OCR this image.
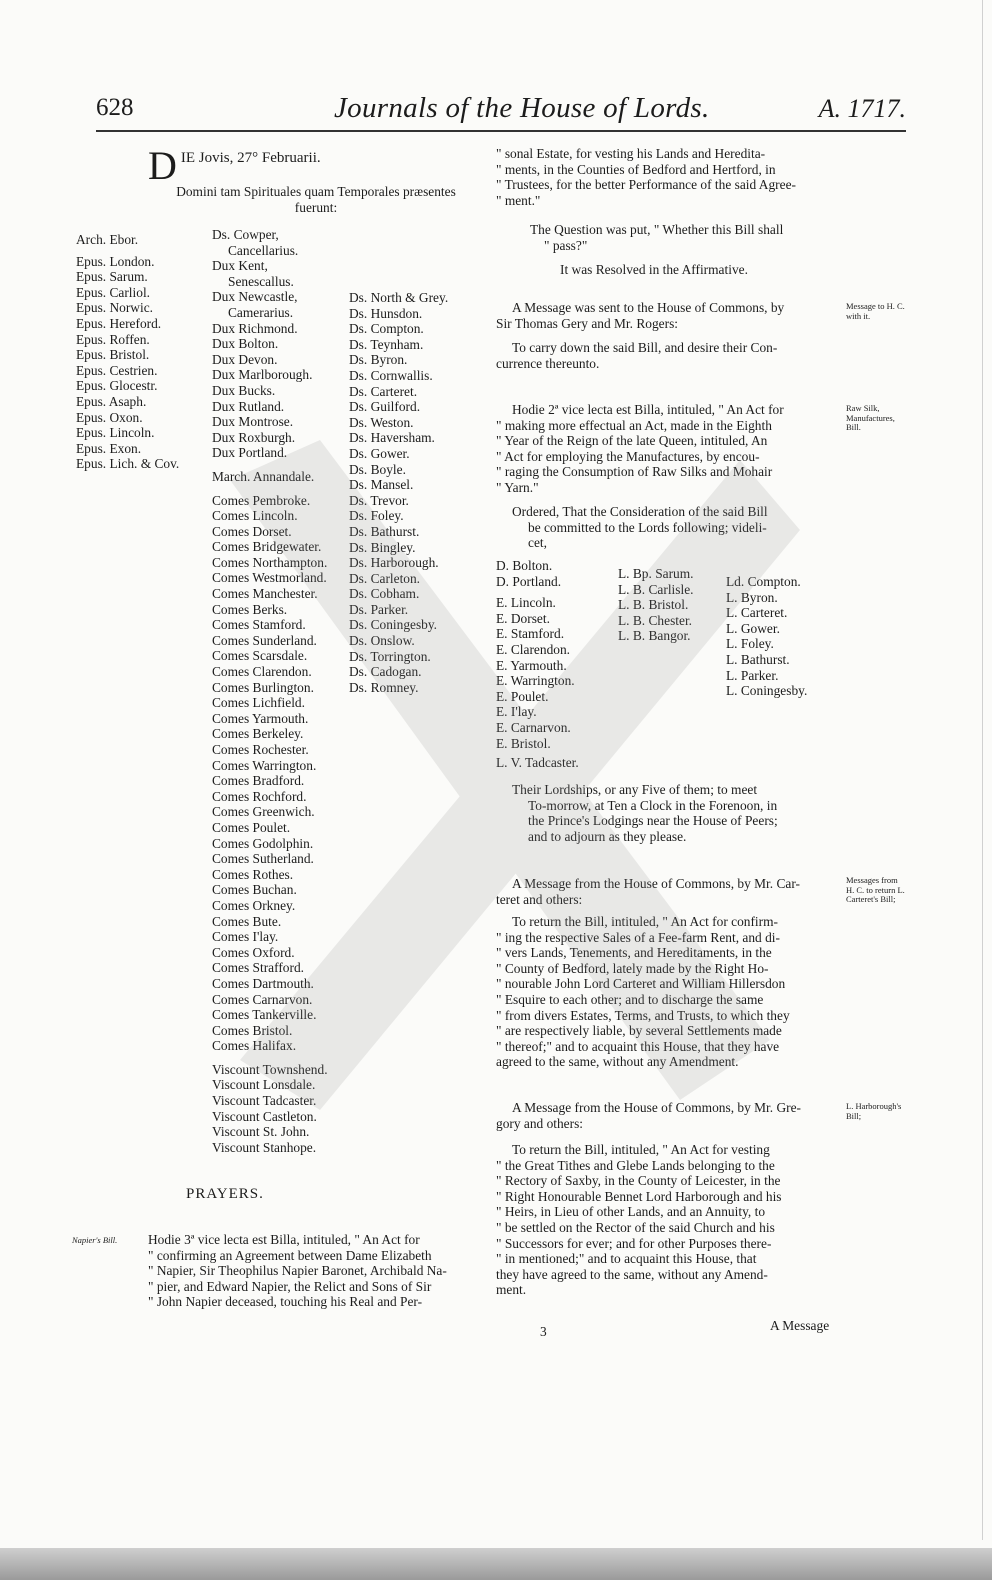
628	Journals of the House of Lords.	A. 1717.
D IE Jovis, 27° Februarii.
Domini tam Spirituales quam Temporales præsentes
fuerunt:
Arch. Ebor.
Epus. London.
Epus. Sarum.
Epus. Carliol.
Epus. Norwic.
Epus. Hereford.
Epus. Roffen.
Epus. Bristol.
Epus. Cestrien.
Epus. Glocestr.
Epus. Asaph.
Epus. Oxon.
Epus. Lincoln.
Epus. Exon.
Epus. Lich. & Cov.
Ds. Cowper,
Cancellarius.
Dux Kent,
Senescallus.
Dux Newcastle,
Camerarius.
Dux Richmond.
Dux Bolton.
Dux Devon.
Dux Marlborough.
Dux Bucks.
Dux Rutland.
Dux Montrose.
Dux Roxburgh.
Dux Portland.
March. Annandale.
Comes Pembroke.
Comes Lincoln.
Comes Dorset.
Comes Bridgewater.
Comes Northampton.
Comes Westmorland.
Comes Manchester.
Comes Berks.
Comes Stamford.
Comes Sunderland.
Comes Scarsdale.
Comes Clarendon.
Comes Burlington.
Comes Lichfield.
Comes Yarmouth.
Comes Berkeley.
Comes Rochester.
Comes Warrington.
Comes Bradford.
Comes Rochford.
Comes Greenwich.
Comes Poulet.
Comes Godolphin.
Comes Sutherland.
Comes Rothes.
Comes Buchan.
Comes Orkney.
Comes Bute.
Comes I'lay.
Comes Oxford.
Comes Strafford.
Comes Dartmouth.
Comes Carnarvon.
Comes Tankerville.
Comes Bristol.
Comes Halifax.
Viscount Townshend.
Viscount Lonsdale.
Viscount Tadcaster.
Viscount Castleton.
Viscount St. John.
Viscount Stanhope.
Ds. North & Grey.
Ds. Hunsdon.
Ds. Compton.
Ds. Teynham.
Ds. Byron.
Ds. Cornwallis.
Ds. Carteret.
Ds. Guilford.
Ds. Weston.
Ds. Haversham.
Ds. Gower.
Ds. Boyle.
Ds. Mansel.
Ds. Trevor.
Ds. Foley.
Ds. Bathurst.
Ds. Bingley.
Ds. Harborough.
Ds. Carleton.
Ds. Cobham.
Ds. Parker.
Ds. Coningesby.
Ds. Onslow.
Ds. Torrington.
Ds. Cadogan.
Ds. Romney.
PRAYERS.
Napier's Bill.	Hodie 3ª vice lecta est Billa, intituled, " An Act for
" confirming an Agreement between Dame Elizabeth
" Napier, Sir Theophilus Napier Baronet, Archibald Na-
" pier, and Edward Napier, the Relict and Sons of Sir
" John Napier deceased, touching his Real and Per-
" sonal Estate, for vesting his Lands and Heredita-
" ments, in the Counties of Bedford and Hertford, in
" Trustees, for the better Performance of the said Agree-
" ment."
The Question was put, " Whether this Bill shall
" pass?"
It was Resolved in the Affirmative.
Message to H. C. with it.
A Message was sent to the House of Commons, by
Sir Thomas Gery and Mr. Rogers:
To carry down the said Bill, and desire their Con-
currence thereunto.
Raw Silk, Manufactures, Bill.
Hodie 2ª vice lecta est Billa, intituled, " An Act for
" making more effectual an Act, made in the Eighth
" Year of the Reign of the late Queen, intituled, An
" Act for employing the Manufactures, by encou-
" raging the Consumption of Raw Silks and Mohair
" Yarn."
Ordered, That the Consideration of the said Bill
be committed to the Lords following; videli-
cet,
D. Bolton.
D. Portland.
E. Lincoln.
E. Dorset.
E. Stamford.
E. Clarendon.
E. Yarmouth.
E. Warrington.
E. Poulet.
E. I'lay.
E. Carnarvon.
E. Bristol.
L. V. Tadcaster.
L. Bp. Sarum.
L. B. Carlisle.
L. B. Bristol.
L. B. Chester.
L. B. Bangor.
Ld. Compton.
L. Byron.
L. Carteret.
L. Gower.
L. Foley.
L. Bathurst.
L. Parker.
L. Coningesby.
Their Lordships, or any Five of them; to meet
To-morrow, at Ten a Clock in the Forenoon, in
the Prince's Lodgings near the House of Peers;
and to adjourn as they please.
Messages from H. C. to return L. Carteret's Bill;
A Message from the House of Commons, by Mr. Car-
teret and others:
To return the Bill, intituled, " An Act for confirm-
" ing the respective Sales of a Fee-farm Rent, and di-
" vers Lands, Tenements, and Hereditaments, in the
" County of Bedford, lately made by the Right Ho-
" nourable John Lord Carteret and William Hillersdon
" Esquire to each other; and to discharge the same
" from divers Estates, Terms, and Trusts, to which they
" are respectively liable, by several Settlements made
" thereof;" and to acquaint this House, that they have
agreed to the same, without any Amendment.
L. Harborough's Bill;
A Message from the House of Commons, by Mr. Gre-
gory and others:
To return the Bill, intituled, " An Act for vesting
" the Great Tithes and Glebe Lands belonging to the
" Rectory of Saxby, in the County of Leicester, in the
" Right Honourable Bennet Lord Harborough and his
" Heirs, in Lieu of other Lands, and an Annuity, to
" be settled on the Rector of the said Church and his
" Successors for ever; and for other Purposes there-
" in mentioned;" and to acquaint this House, that
they have agreed to the same, without any Amend-
ment.
3	A Message
